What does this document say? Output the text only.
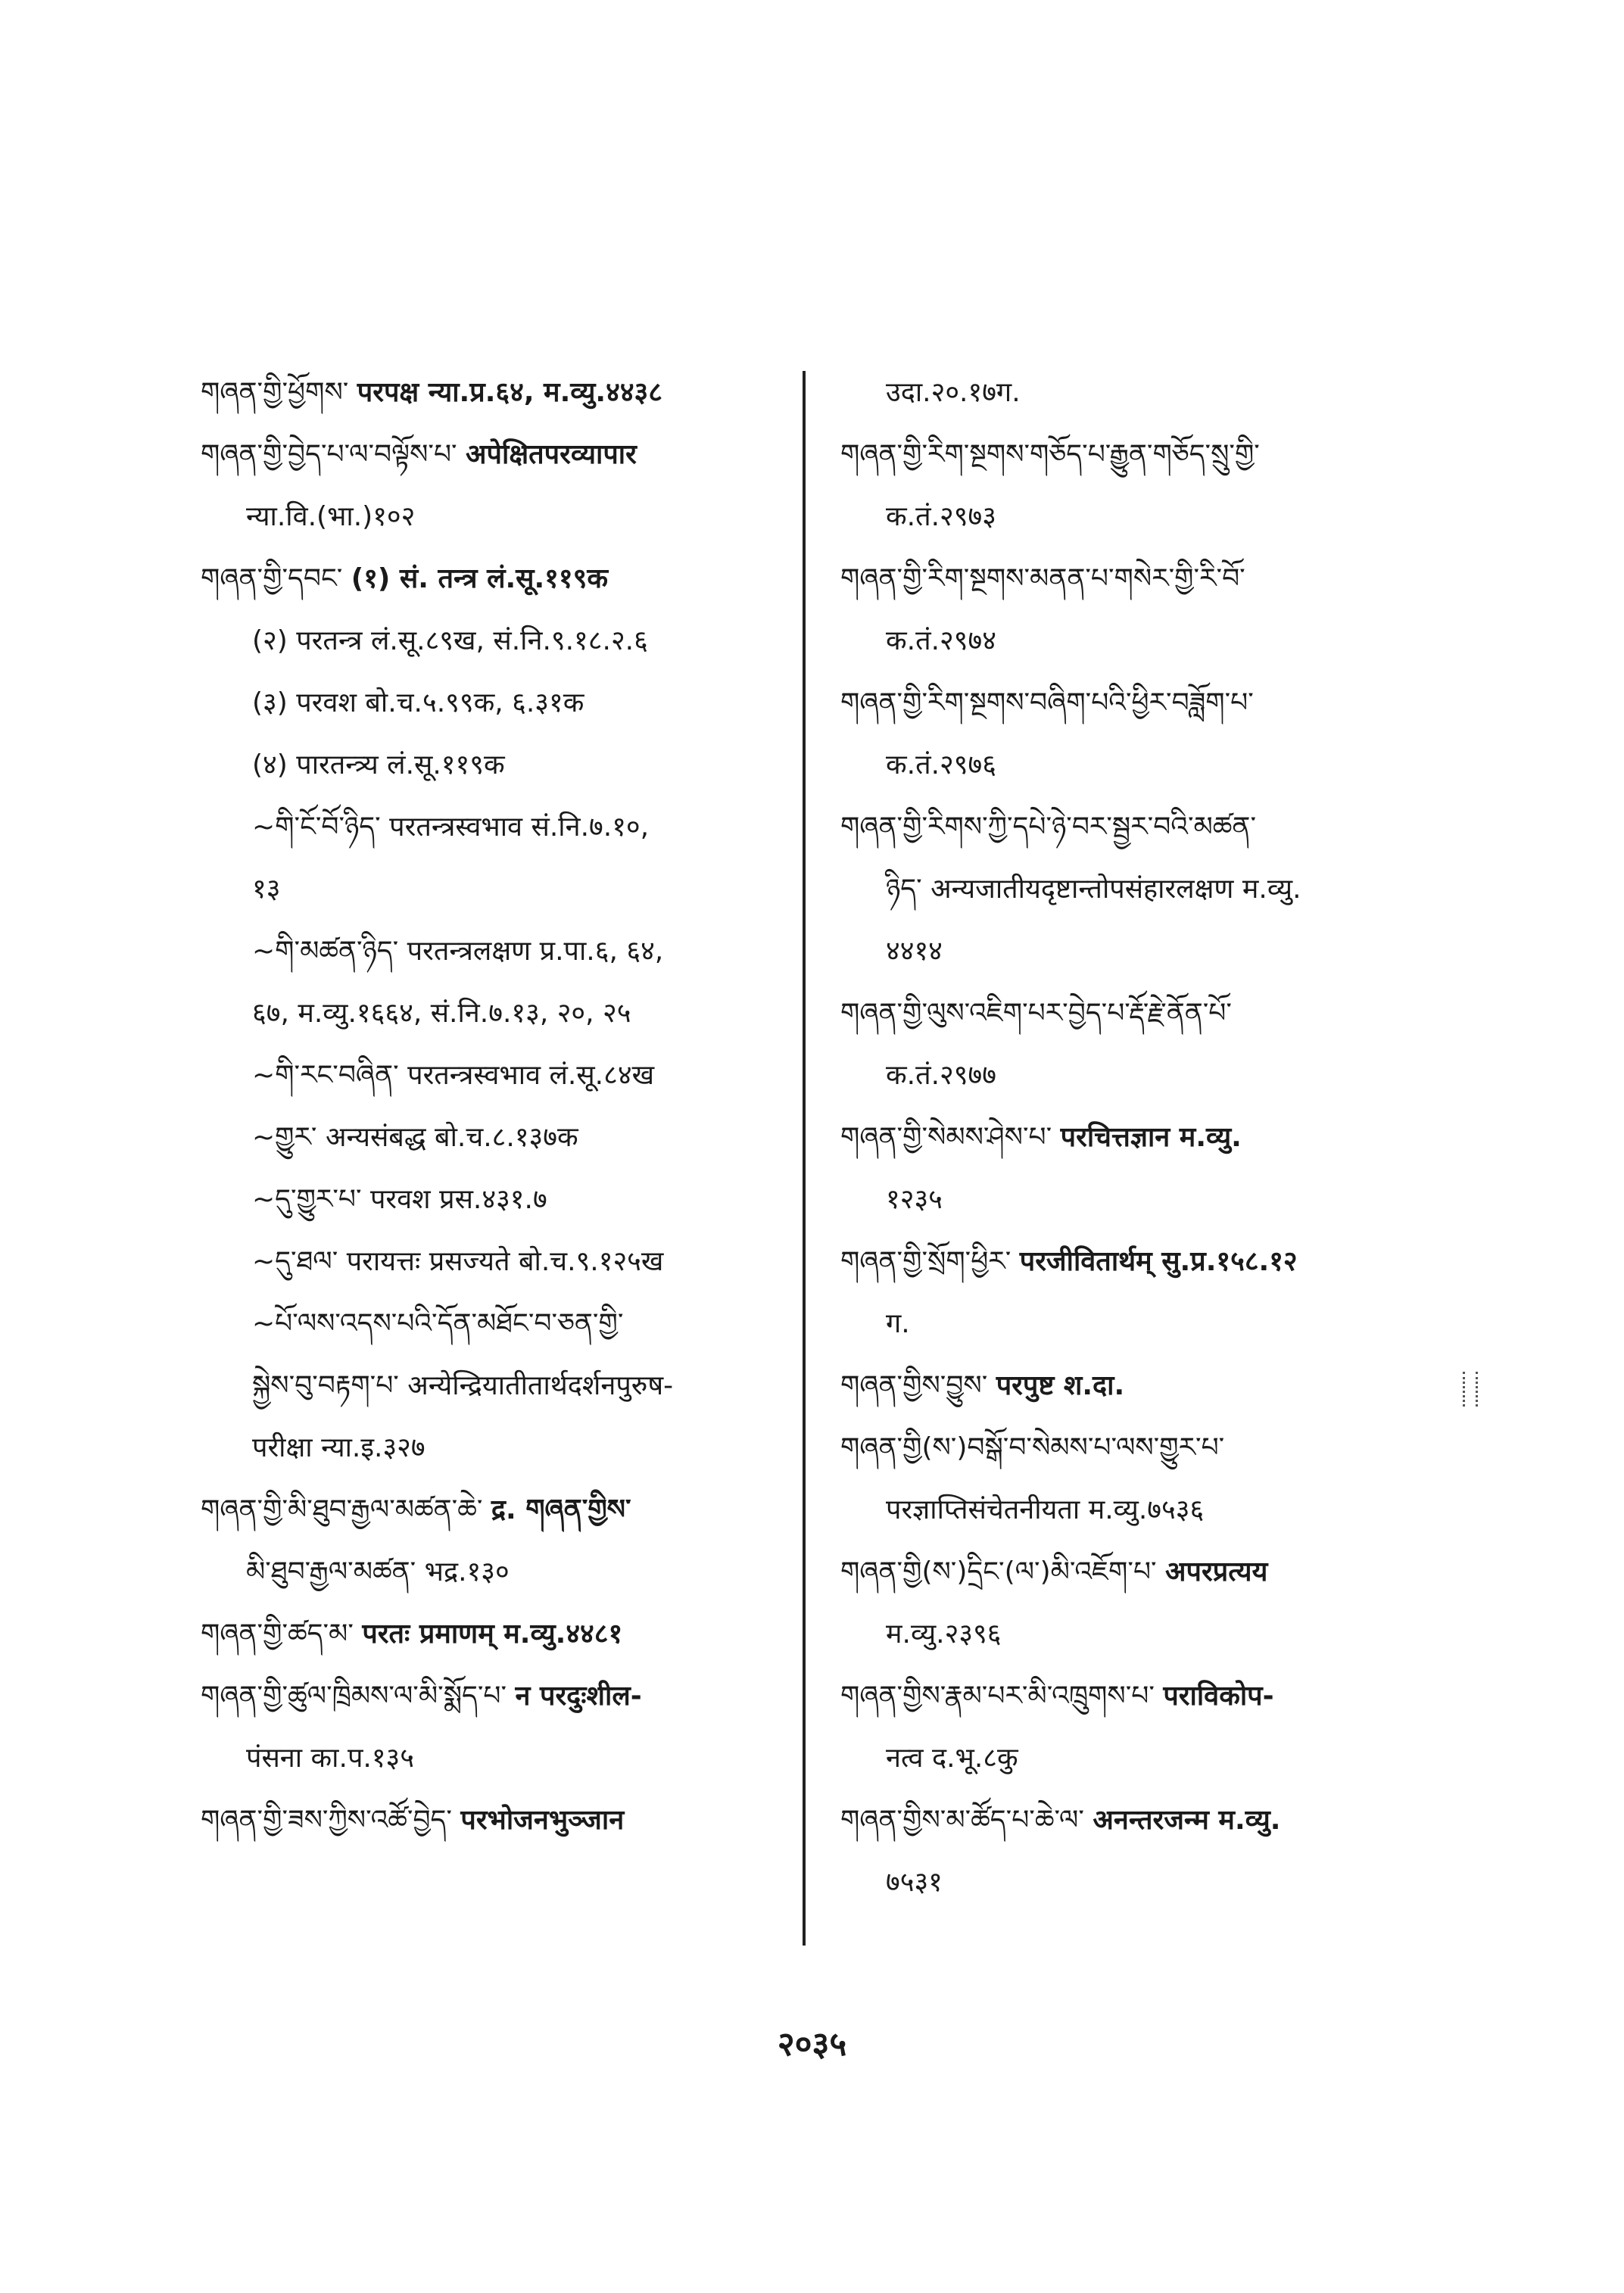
གཞན་གྱི་ཕྱོགས་ परपक्ष न्या.प्र.६४, म.व्यु.४४३८
གཞན་གྱི་བྱེད་པ་ལ་བལྟོས་པ་ अपेक्षितपरव्यापार
न्या.वि.(भा.)१०२
གཞན་གྱི་དབང་ (१) सं. तन्त्र लं.सू.११९क
(२) परतन्त्र लं.सू.८९ख, सं.नि.९.१८.२.६
(३) परवश बो.च.५.९९क, ६.३१क
(४) पारतन्त्र्य लं.सू.११९क
~གི་ངོ་བོ་ཉིད་ परतन्त्रस्वभाव सं.नि.७.१०,
१३
~གི་མཚན་ཉིད་ परतन्त्रलक्षण प्र.पा.६, ६४,
६७, म.व्यु.१६६४, सं.नि.७.१३, २०, २५
~གི་རང་བཞིན་ परतन्त्रस्वभाव लं.सू.८४ख
~གྱུར་ अन्यसंबद्ध बो.च.८.१३७क
~དུ་གྱུར་པ་ परवश प्रस.४३१.७
~དུ་ཐལ་ परायत्तः प्रसज्यते बो.च.९.१२५ख
~པོ་ལས་འདས་པའི་དོན་མཐོང་བ་ཅན་གྱི་
སྐྱེས་བུ་བརྟག་པ་ अन्येन्द्रियातीतार्थदर्शनपुरुष-
परीक्षा न्या.इ.३२७
གཞན་གྱི་མི་ཐུབ་རྒྱལ་མཚན་ཆེ་ द्र. གཞན་གྱིས་
མི་ཐུབ་རྒྱལ་མཚན་ भद्र.१३०
གཞན་གྱི་ཚད་མ་ परतः प्रमाणम् म.व्यु.४४८१
གཞན་གྱི་ཚུལ་ཁྲིམས་ལ་མི་སྨོད་པ་ न परदुःशील-
पंसना का.प.१३५
གཞན་གྱི་ཟས་ཀྱིས་འཚོ་བྱེད་ परभोजनभुञ्जान
उदा.२०.१७ग.
གཞན་གྱི་རིག་སྔགས་གཅོད་པ་རྒྱུན་གཅོད་སྲུ་གྱི་
क.तं.२९७३
གཞན་གྱི་རིག་སྔགས་མནན་པ་གསེར་གྱི་རི་བོ་
क.तं.२९७४
གཞན་གྱི་རིག་སྔགས་བཞིག་པའི་ཕྱིར་བཟློག་པ་
क.तं.२९७६
གཞན་གྱི་རིགས་ཀྱི་དཔེ་ཉེ་བར་སྦྱར་བའི་མཚན་
ཉིད་ अन्यजातीयदृष्टान्तोपसंहारलक्षण म.व्यु.
४४१४
གཞན་གྱི་ལུས་འཇིག་པར་བྱེད་པ་རྡོ་རྗེ་ནོན་པོ་
क.तं.२९७७
གཞན་གྱི་སེམས་ཤེས་པ་ परचित्तज्ञान म.व्यु.
१२३५
གཞན་གྱི་སྲོག་ཕྱིར་ परजीवितार्थम् सु.प्र.१५८.१२
ग.
གཞན་གྱིས་བྱུས་ परपुष्ट श.दा.
གཞན་གྱི(ས་)བསྒོ་བ་སེམས་པ་ལས་གྱུར་པ་
परज्ञाप्तिसंचेतनीयता म.व्यु.७५३६
གཞན་གྱི(ས་)དྲིང་(ལ་)མི་འཇོག་པ་ अपरप्रत्यय
म.व्यु.२३९६
གཞན་གྱིས་རྣམ་པར་མི་འཁྲུགས་པ་ पराविकोप-
नत्व द.भू.८कु
གཞན་གྱིས་མ་ཚོད་པ་ཆེ་ལ་ अनन्तरजन्म म.व्यु.
७५३१
२०३५
